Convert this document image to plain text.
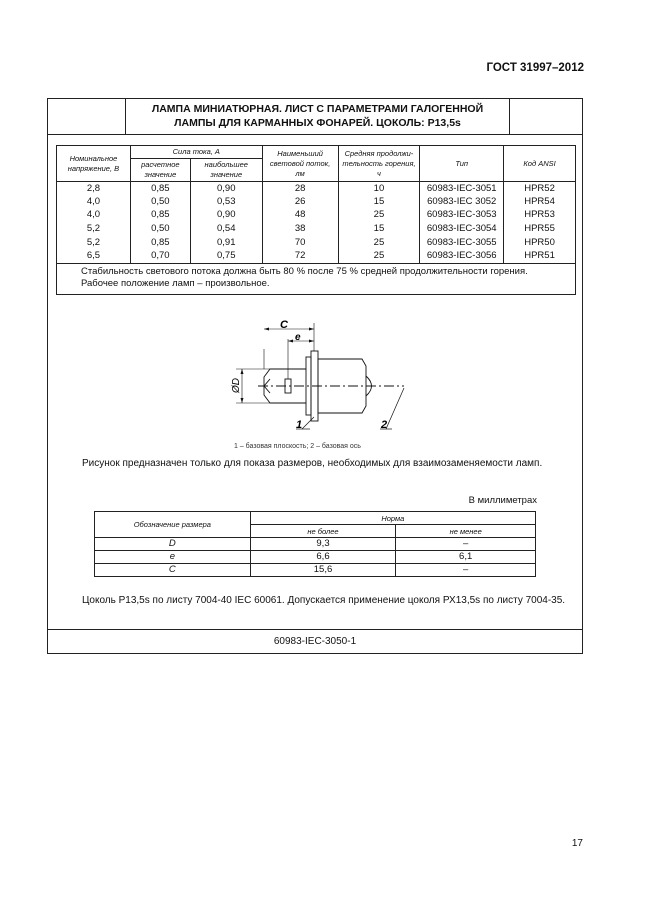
ГОСТ 31997–2012
ЛАМПА МИНИАТЮРНАЯ. ЛИСТ С ПАРАМЕТРАМИ ГАЛОГЕННОЙ
ЛАМПЫ ДЛЯ КАРМАННЫХ ФОНАРЕЙ. ЦОКОЛЬ: Р13,5s
Номинальное напряжение, В	Сила тока, А		Наименьший световой поток, лм	Средняя продолжи-тельность горения, ч	Тип	Код ANSI
	расчетное значение	наибольшее значение				
2,8	0,85	0,90	28	10	60983-IEC-3051	HPR52
4,0	0,50	0,53	26	15	60983-IEC 3052	HPR54
4,0	0,85	0,90	48	25	60983-IEC-3053	HPR53
5,2	0,50	0,54	38	15	60983-IEC-3054	HPR55
5,2	0,85	0,91	70	25	60983-IEC-3055	HPR50
6,5	0,70	0,75	72	25	60983-IEC-3056	HPR51

Стабильность светового потока должна быть 80 % после 75 % средней продолжительности горения.
Рабочее положение ламп – произвольное.						
C
e
ØD
1	2
1 – базовая плоскость; 2 – базовая ось
Рисунок предназначен только для показа размеров, необходимых для взаимозаменяемости ламп.
В миллиметрах
Обозначение размера	Норма	
	не более	не менее
D	9,3	–
e	6,6	6,1
C	15,6	–
Цоколь Р13,5s по листу 7004-40 IEC 60061. Допускается применение цоколя РХ13,5s по листу 7004-35.
60983-IEC-3050-1
17
